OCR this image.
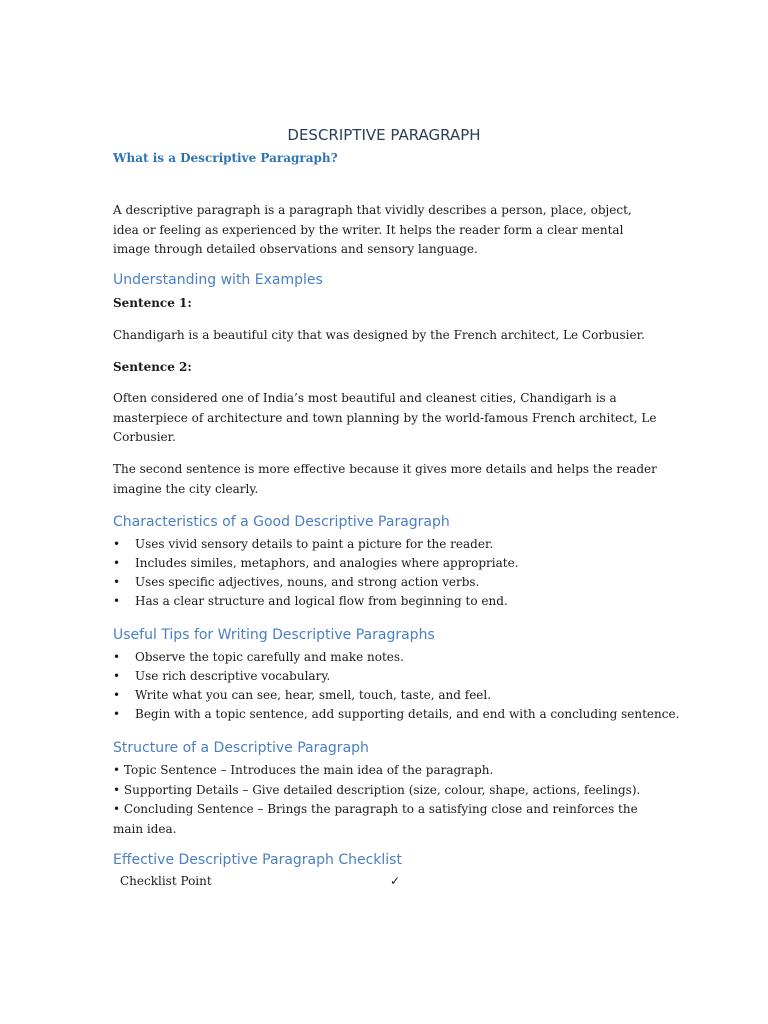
DESCRIPTIVE PARAGRAPH

What is a Descriptive Paragraph?

A descriptive paragraph is a paragraph that vividly describes a person, place, object, idea or feeling as experienced by the writer. It helps the reader form a clear mental image through detailed observations and sensory language.

Understanding with Examples

Sentence 1:

Chandigarh is a beautiful city that was designed by the French architect, Le Corbusier.

Sentence 2:

Often considered one of India’s most beautiful and cleanest cities, Chandigarh is a masterpiece of architecture and town planning by the world-famous French architect, Le Corbusier.

The second sentence is more effective because it gives more details and helps the reader imagine the city clearly.

Characteristics of a Good Descriptive Paragraph
• Uses vivid sensory details to paint a picture for the reader.
• Includes similes, metaphors, and analogies where appropriate.
• Uses specific adjectives, nouns, and strong action verbs.
• Has a clear structure and logical flow from beginning to end.
Useful Tips for Writing Descriptive Paragraphs
• Observe the topic carefully and make notes.
• Use rich descriptive vocabulary.
• Write what you can see, hear, smell, touch, taste, and feel.
• Begin with a topic sentence, add supporting details, and end with a concluding sentence.
Structure of a Descriptive Paragraph
• Topic Sentence – Introduces the main idea of the paragraph.
• Supporting Details – Give detailed description (size, colour, shape, actions, feelings).
• Concluding Sentence – Brings the paragraph to a satisfying close and reinforces the main idea.
Effective Descriptive Paragraph Checklist
Checklist Point	✓
